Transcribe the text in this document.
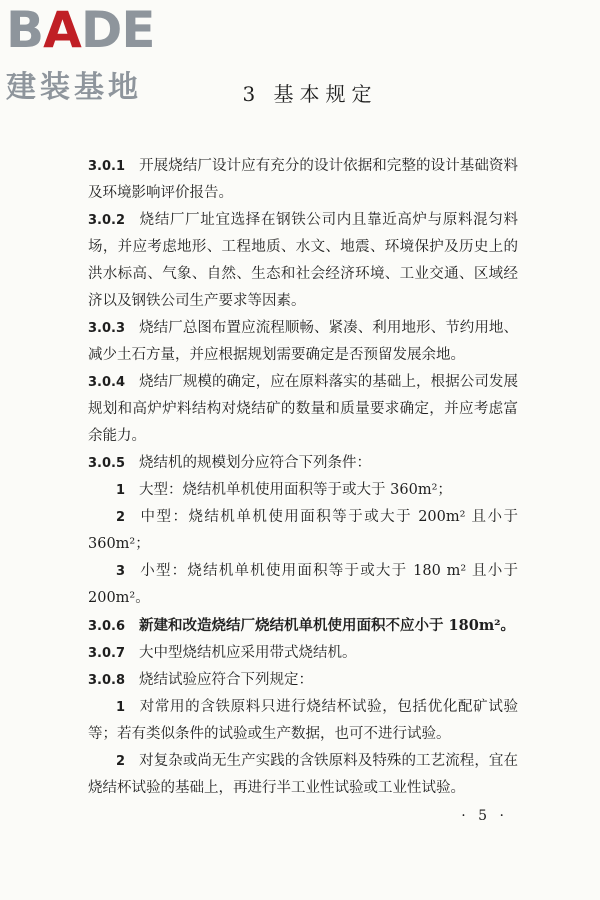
B A D E
建装基地	3 基本规定
3.0.1 开展烧结厂设计应有充分的设计依据和完整的设计基础资料及环境影响评价报告。
3.0.2 烧结厂厂址宜选择在钢铁公司内且靠近高炉与原料混匀料场，并应考虑地形、工程地质、水文、地震、环境保护及历史上的洪水标高、气象、自然、生态和社会经济环境、工业交通、区域经济以及钢铁公司生产要求等因素。
3.0.3 烧结厂总图布置应流程顺畅、紧凑、利用地形、节约用地、减少土石方量，并应根据规划需要确定是否预留发展余地。
3.0.4 烧结厂规模的确定，应在原料落实的基础上，根据公司发展规划和高炉炉料结构对烧结矿的数量和质量要求确定，并应考虑富余能力。
3.0.5 烧结机的规模划分应符合下列条件：
1 大型：烧结机单机使用面积等于或大于 360m²；
2 中型：烧结机单机使用面积等于或大于 200m² 且小于 360m²；
3 小型：烧结机单机使用面积等于或大于 180 m² 且小于 200m²。
3.0.6 新建和改造烧结厂烧结机单机使用面积不应小于 180m²。
3.0.7 大中型烧结机应采用带式烧结机。
3.0.8 烧结试验应符合下列规定：
1 对常用的含铁原料只进行烧结杯试验，包括优化配矿试验等；若有类似条件的试验或生产数据，也可不进行试验。
2 对复杂或尚无生产实践的含铁原料及特殊的工艺流程，宜在烧结杯试验的基础上，再进行半工业性试验或工业性试验。
· 5 ·
